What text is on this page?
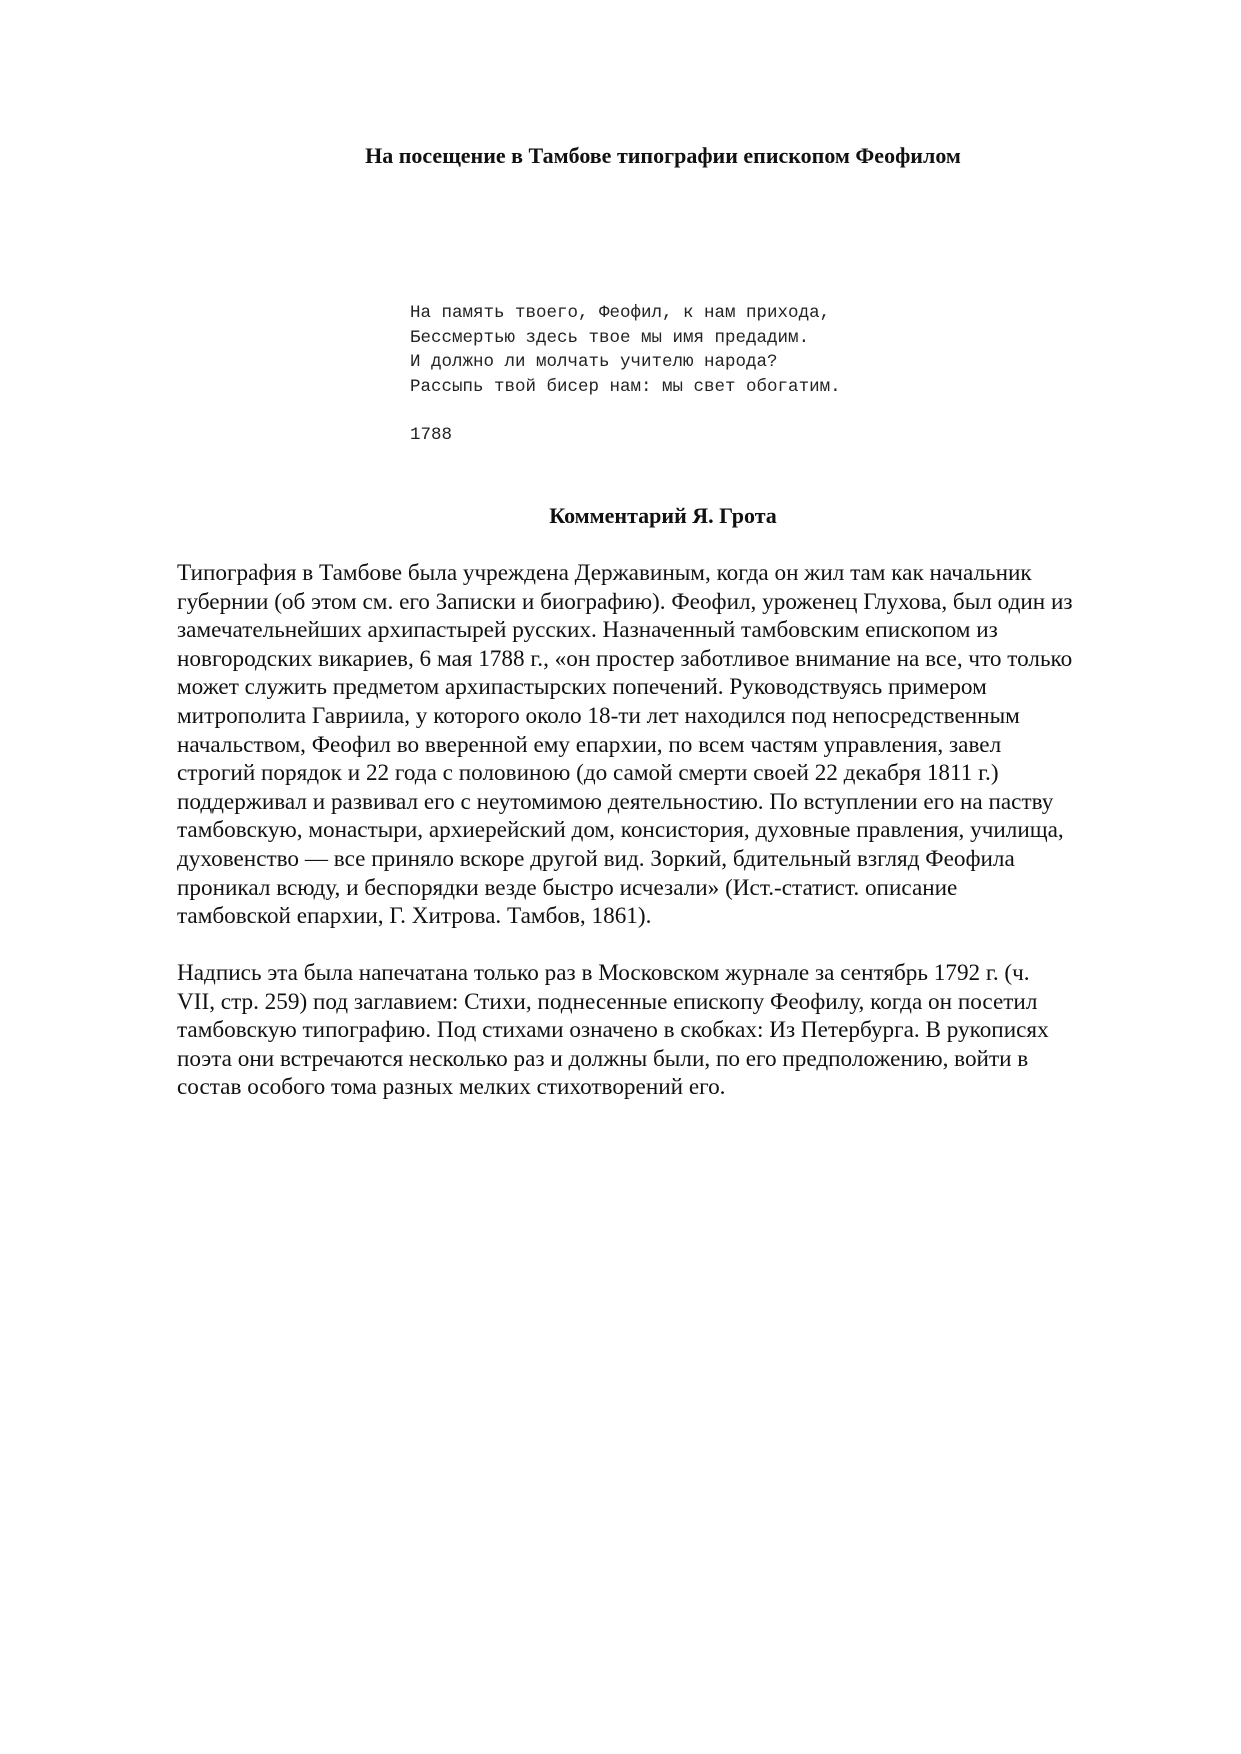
На посещение в Тамбове типографии епископом Феофилом
На память твоего, Феофил, к нам прихода,
Бессмертью здесь твое мы имя предадим.
И должно ли молчать учителю народа?
Рассыпь твой бисер нам: мы свет обогатим.
1788
Комментарий Я. Грота

Типография в Тамбове была учреждена Державиным, когда он жил там как начальник
губернии (об этом см. его Записки и биографию). Феофил, уроженец Глухова, был один из
замечательнейших архипастырей русских. Назначенный тамбовским епископом из
новгородских викариев, 6 мая 1788 г., «он простер заботливое внимание на все, что только
может служить предметом архипастырских попечений. Руководствуясь примером
митрополита Гавриила, у которого около 18-ти лет находился под непосредственным
начальством, Феофил во вверенной ему епархии, по всем частям управления, завел
строгий порядок и 22 года с половиною (до самой смерти своей 22 декабря 1811 г.)
поддерживал и развивал его с неутомимою деятельностию. По вступлении его на паству
тамбовскую, монастыри, архиерейский дом, консистория, духовные правления, училища,
духовенство — все приняло вскоре другой вид. Зоркий, бдительный взгляд Феофила
проникал всюду, и беспорядки везде быстро исчезали» (Ист.-статист. описание
тамбовской епархии, Г. Хитрова. Тамбов, 1861).

Надпись эта была напечатана только раз в Московском журнале за сентябрь 1792 г. (ч.
VII, стр. 259) под заглавием: Стихи, поднесенные епископу Феофилу, когда он посетил
тамбовскую типографию. Под стихами означено в скобках: Из Петербурга. В рукописях
поэта они встречаются несколько раз и должны были, по его предположению, войти в
состав особого тома разных мелких стихотворений его.
